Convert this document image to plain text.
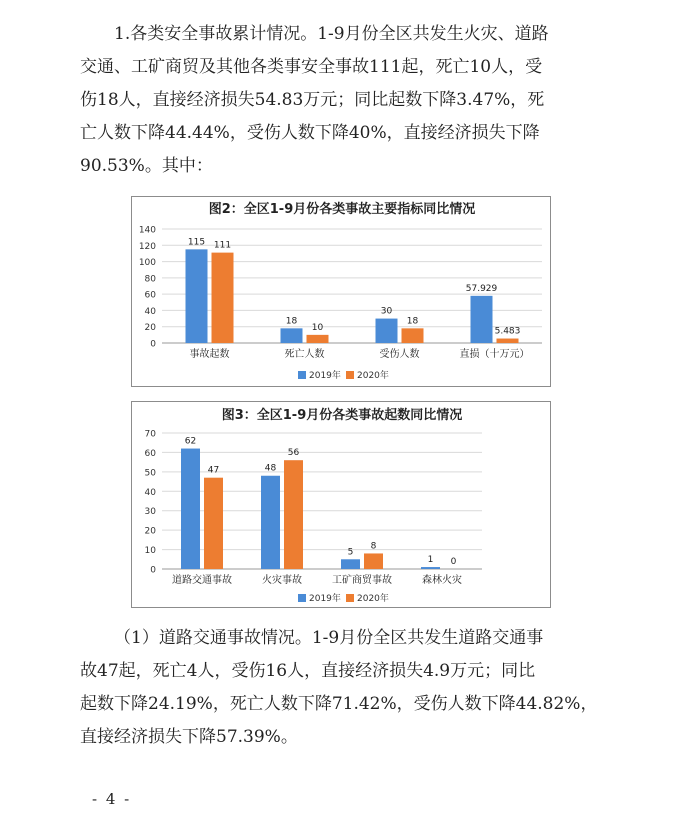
1.各类安全事故累计情况。1-9月份全区共发生火灾、道路
交通、工矿商贸及其他各类事安全事故111起，死亡10人，受
伤18人，直接经济损失54.83万元；同比起数下降3.47%，死
亡人数下降44.44%，受伤人数下降40%，直接经济损失下降
90.53%。其中：
图2：全区1-9月份各类事故主要指标同比情况
0
20
40
60
80
100
120
140
115 111
事故起数
18
10
死亡人数
30
18
受伤人数
57.929
5.483
直损（十万元）
2019年 2020年
图3：全区1-9月份各类事故起数同比情况
0
10
20
30
40
50
60
70
62
47
道路交通事故
48
56
火灾事故
5
8
工矿商贸事故
1 0
森林火灾
2019年 2020年
（1）道路交通事故情况。1-9月份全区共发生道路交通事
故47起，死亡4人，受伤16人，直接经济损失4.9万元；同比
起数下降24.19%，死亡人数下降71.42%，受伤人数下降44.82%，
直接经济损失下降57.39%。
- 4 -
